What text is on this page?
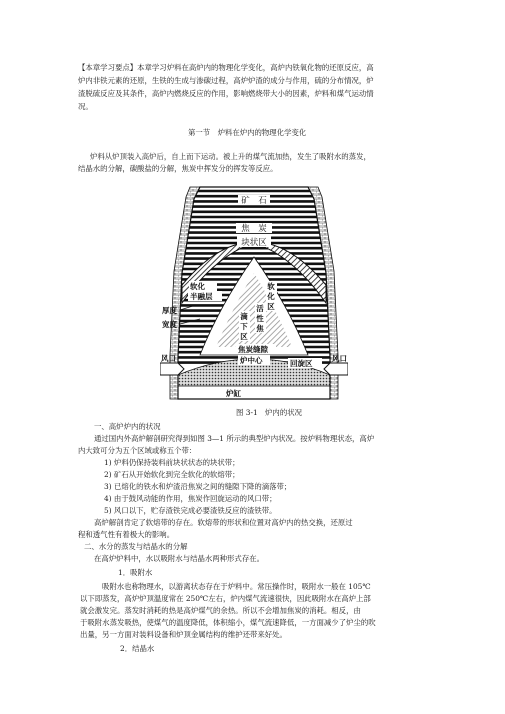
【本章学习要点】本章学习炉料在高炉内的物理化学变化，高炉内铁氧化物的还原反应，高
炉内非铁元素的还原，生铁的生成与渗碳过程，高炉炉渣的成分与作用，硫的分布情况，炉
渣脱硫反应及其条件，高炉内燃烧反应的作用，影响燃烧带大小的因素，炉料和煤气运动情
况。
第一节　炉料在炉内的物理化学变化
炉料从炉顶装入高炉后，自上而下运动。被上升的煤气流加热，发生了吸附水的蒸发，
结晶水的分解，碳酸盐的分解，焦炭中挥发分的挥发等反应。
矿　石
焦　炭
块状区
软化
半融层
厚度
宽度
软
化
区
滴
下
区
活
性
焦
焦炭缝隙
炉中心	回旋区
风口	风口
炉缸
图 3-1　炉内的状况
一、高炉炉内的状况
通过国内外高炉解剖研究得到如图 3—1 所示的典型炉内状况。按炉料物理状态，高炉
内大致可分为五个区域或称五个带：
1) 炉料仍保持装料前块状状态的块状带；
2) 矿石从开始软化到完全软化的软熔带；
3) 已熔化的铁水和炉渣沿焦炭之间的缝隙下降的滴落带；
4) 由于鼓风动能的作用，焦炭作回旋运动的风口带；
5) 风口以下，贮存渣铁完成必要渣铁反应的渣铁带。
高炉解剖肯定了软熔带的存在。软熔带的形状和位置对高炉内的热交换，还原过
程和透气性有着极大的影响。
二、水分的蒸发与结晶水的分解
在高炉炉料中，水以吸附水与结晶水两种形式存在。
1．吸附水
吸附水也称物理水，以游离状态存在于炉料中。常压操作时，吸附水一般在 105℃
以下即蒸发，高炉炉顶温度常在 250℃左右，炉内煤气流速很快，因此吸附水在高炉上部
就会激发完。蒸发时消耗的热是高炉煤气的余热。所以不会增加焦炭的消耗。相反，由
于吸附水蒸发吸热，使煤气的温度降低，体积缩小，煤气流速降低，一方面减少了炉尘的吹
出量，另一方面对装料设备和炉顶金属结构的维护还带来好处。
2．结晶水
